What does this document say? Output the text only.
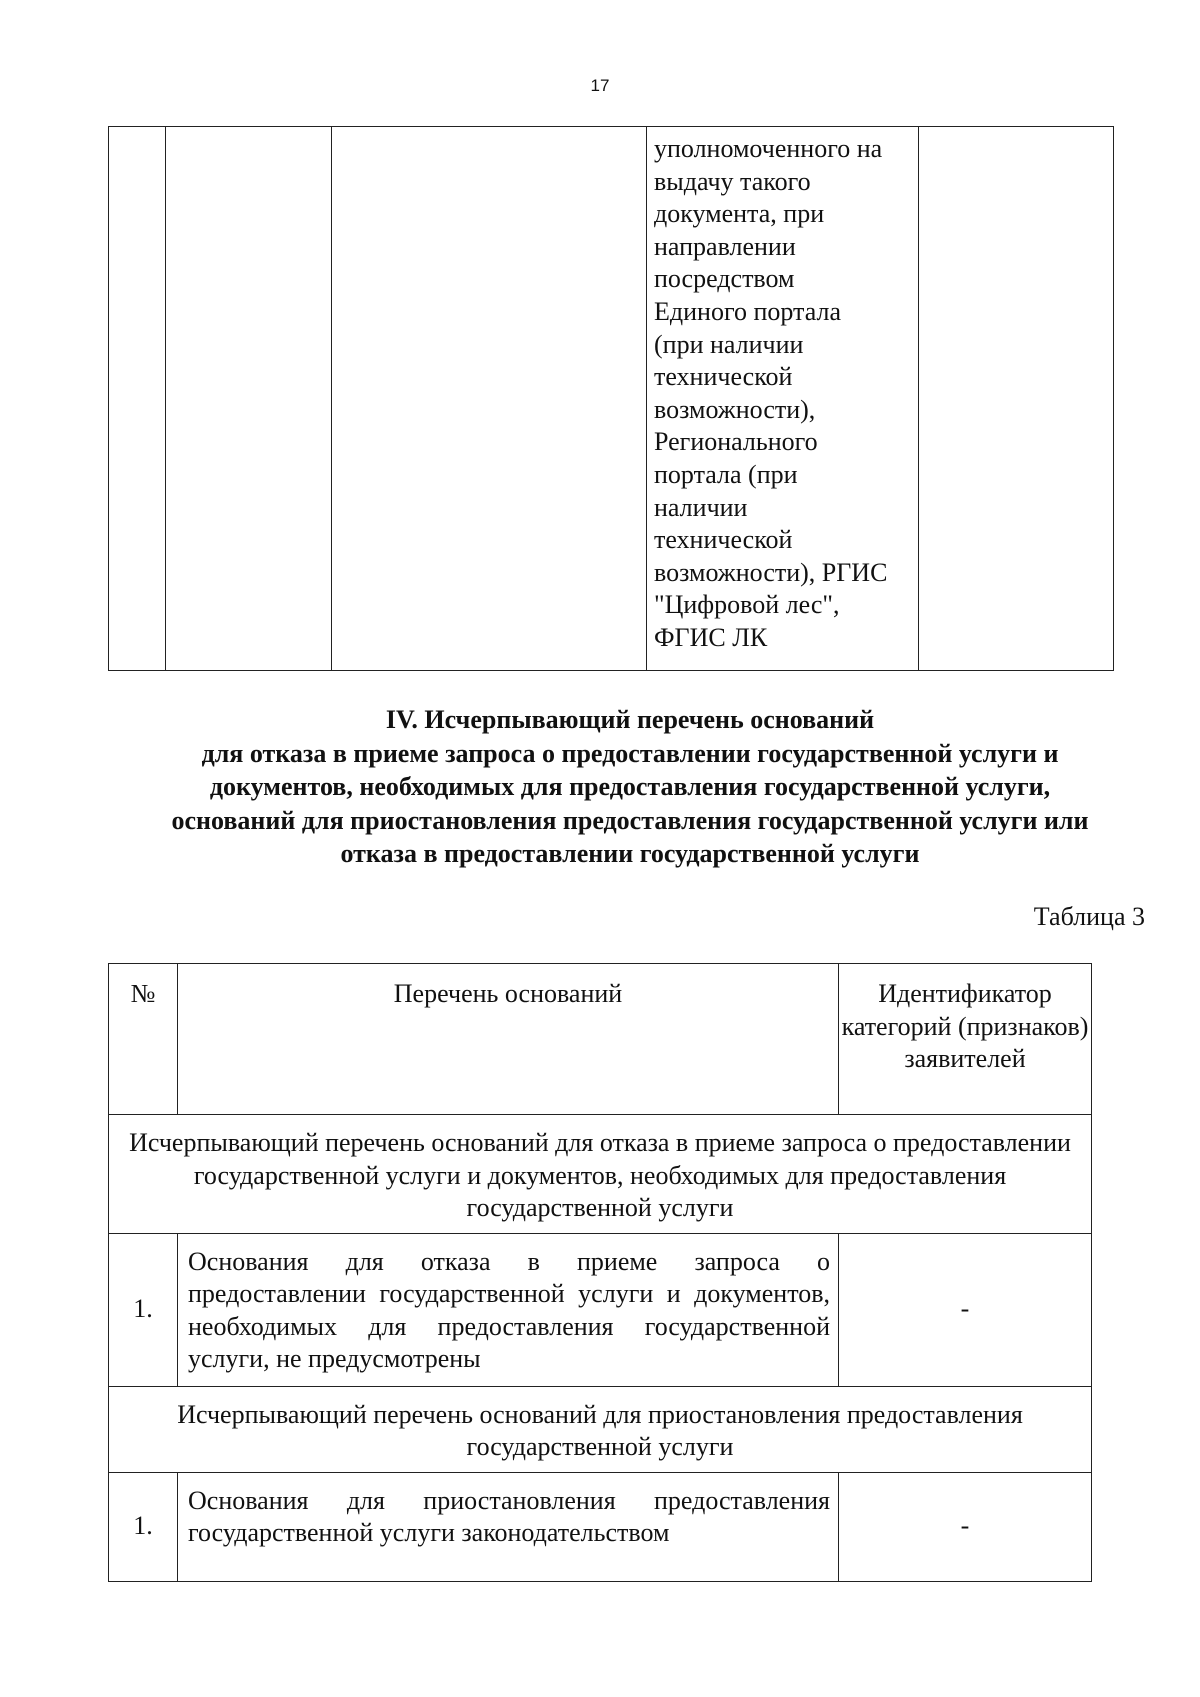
17
			уполномоченного на
выдачу такого
документа, при
направлении
посредством
Единого портала
(при наличии
технической
возможности),
Регионального
портала (при
наличии
технической
возможности), РГИС
"Цифровой лес",
ФГИС ЛК	
IV. Исчерпывающий перечень оснований
для отказа в приеме запроса о предоставлении государственной услуги и
документов, необходимых для предоставления государственной услуги,
оснований для приостановления предоставления государственной услуги или
отказа в предоставлении государственной услуги
Таблица 3
№	Перечень оснований	Идентификатор категорий (признаков) заявителей
Исчерпывающий перечень оснований для отказа в приеме запроса о предоставлении государственной услуги и документов, необходимых для предоставления государственной услуги		
1.	Основания для отказа в приеме запроса о предоставлении государственной услуги и документов, необходимых для предоставления государственной услуги, не предусмотрены	-
Исчерпывающий перечень оснований для приостановления предоставления государственной услуги		
1.	Основания для приостановления предоставления государственной услуги законодательством	-
